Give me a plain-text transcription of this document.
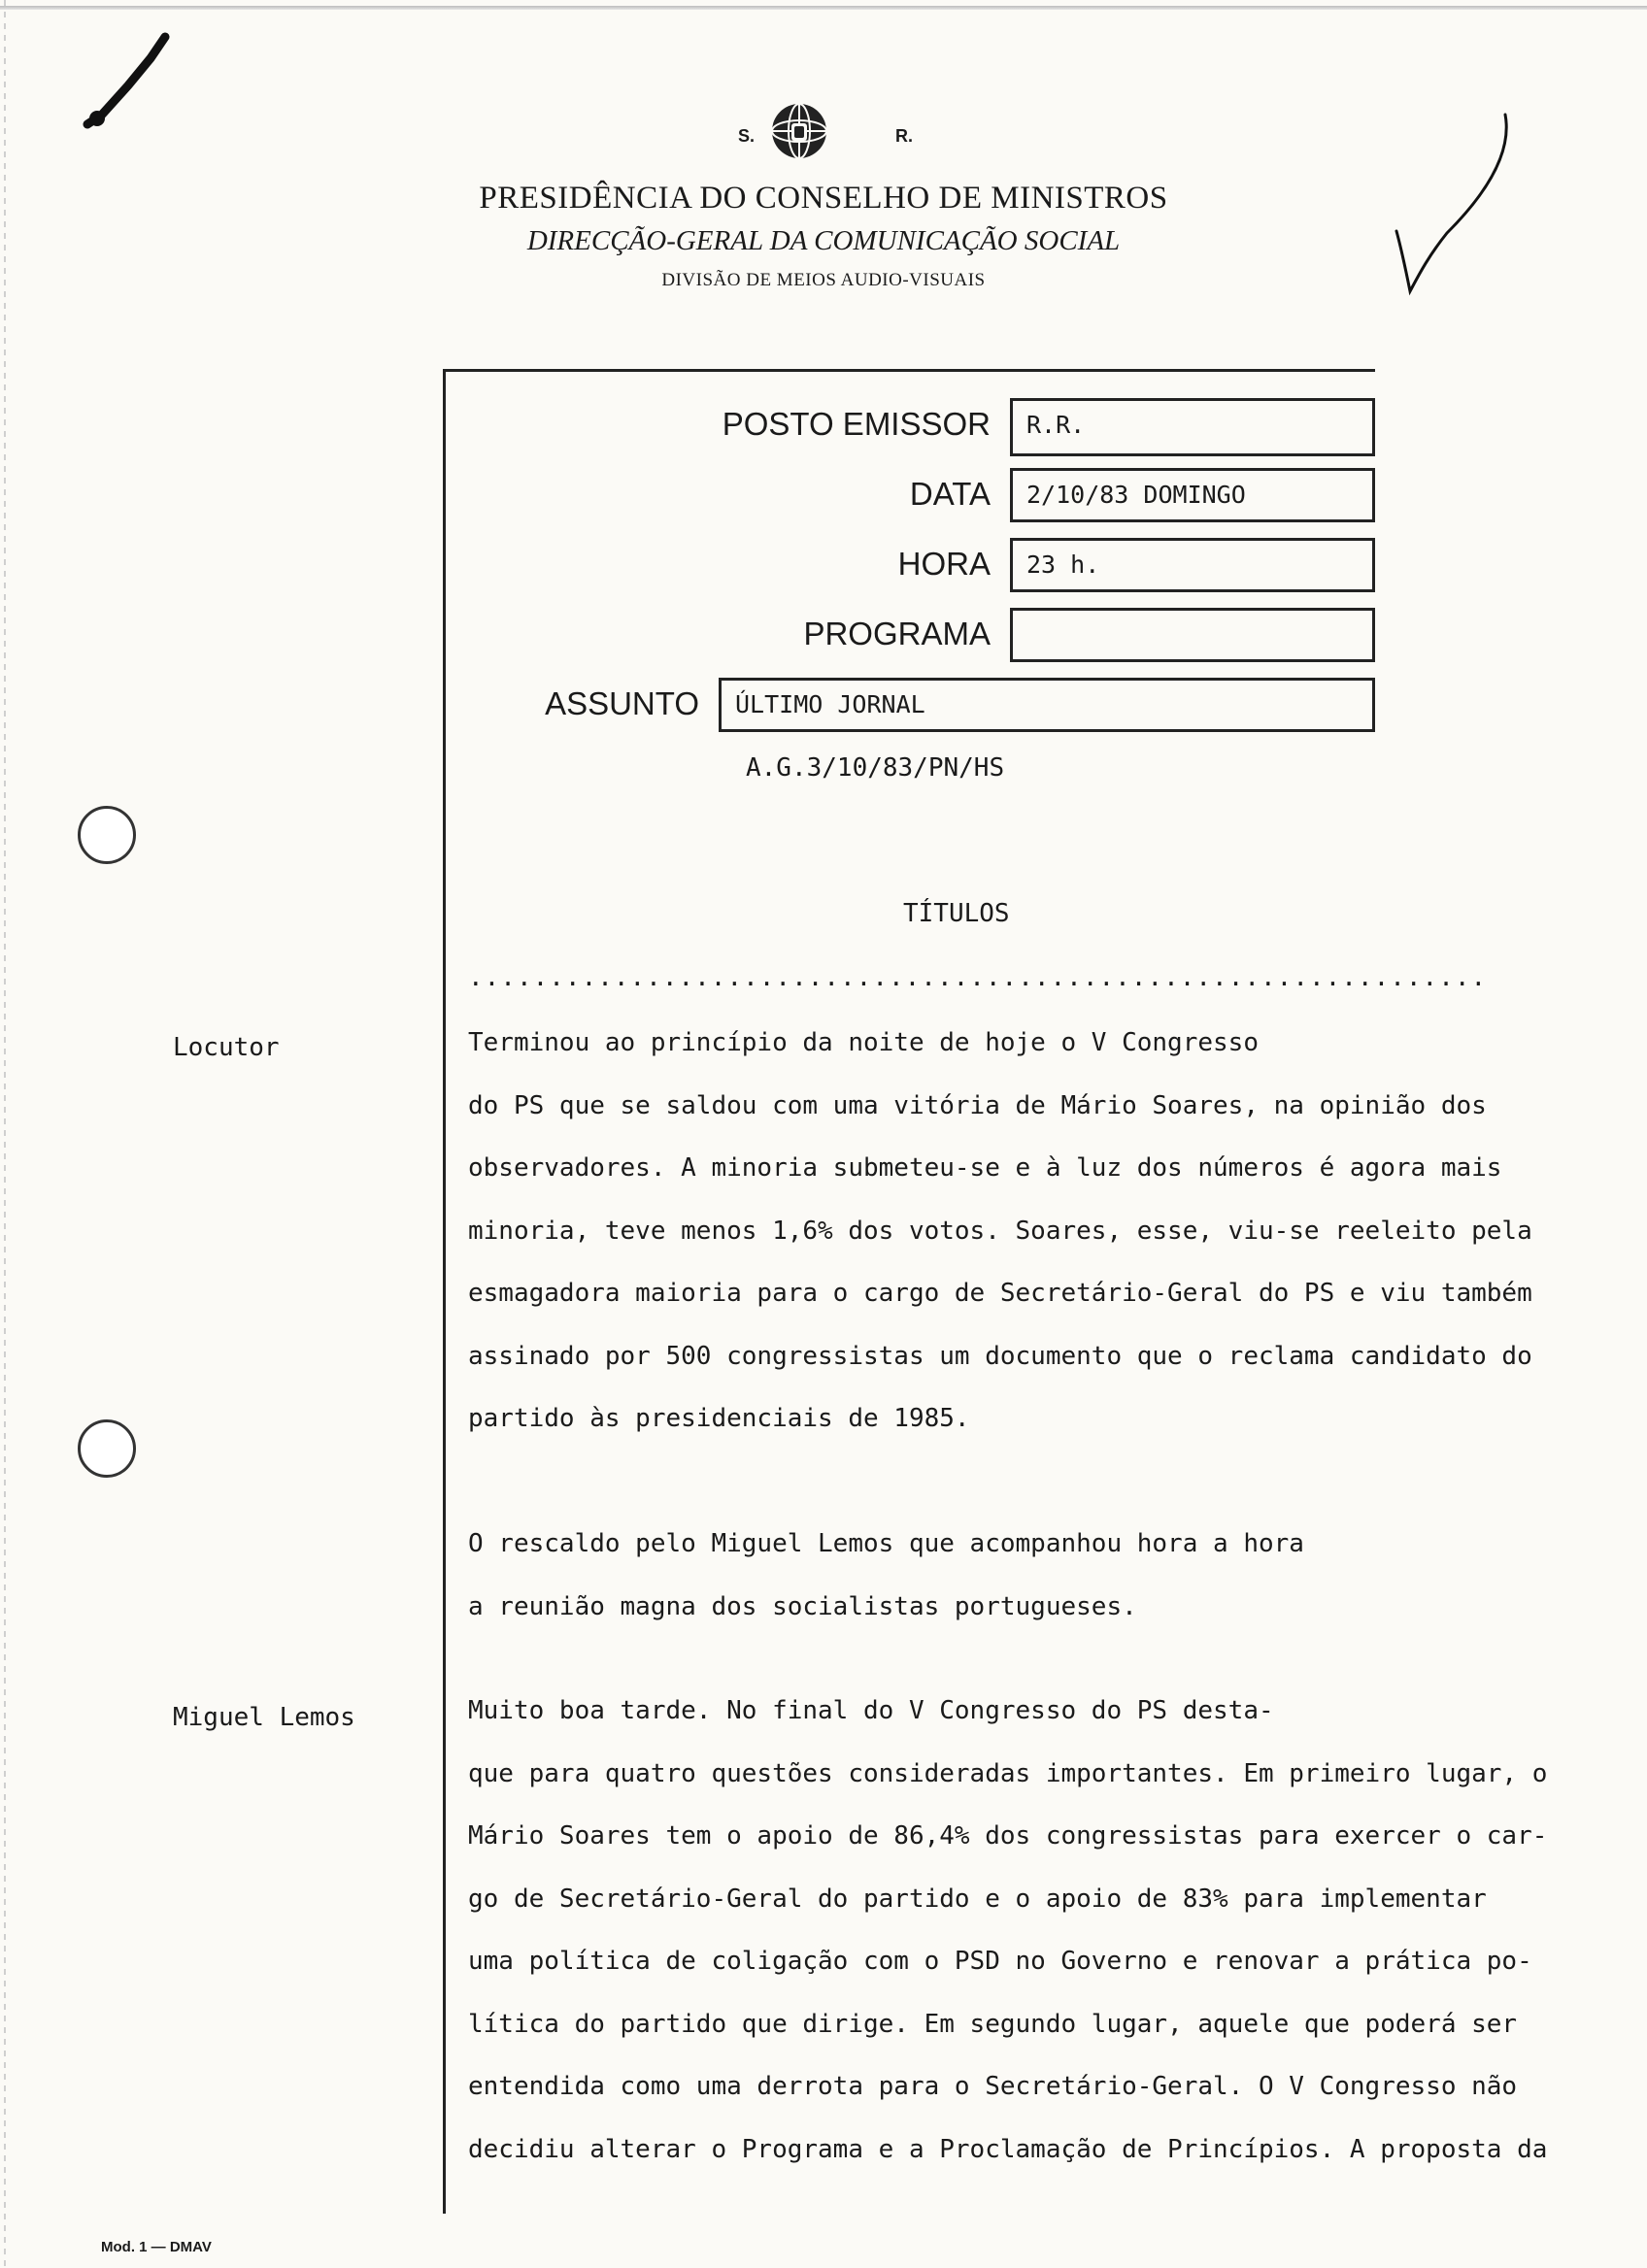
S.	R.
PRESIDÊNCIA DO CONSELHO DE MINISTROS
DIRECÇÃO-GERAL DA COMUNICAÇÃO SOCIAL
DIVISÃO DE MEIOS AUDIO-VISUAIS
POSTO EMISSOR R.R.
DATA 2/10/83 DOMINGO
HORA 23 h.
PROGRAMA
ASSUNTO ÚLTIMO JORNAL
A.G.3/10/83/PN/HS
TÍTULOS
...............................................................
Locutor	Terminou ao princípio da noite de hoje o V Congresso
do PS que se saldou com uma vitória de Mário Soares, na opinião dos
observadores. A minoria submeteu-se e à luz dos números é agora mais
minoria, teve menos 1,6% dos votos. Soares, esse, viu-se reeleito pela
esmagadora maioria para o cargo de Secretário-Geral do PS e viu também
assinado por 500 congressistas um documento que o reclama candidato do
partido às presidenciais de 1985.
O rescaldo pelo Miguel Lemos que acompanhou hora a hora
a reunião magna dos socialistas portugueses.
Miguel Lemos	Muito boa tarde. No final do V Congresso do PS desta-
que para quatro questões consideradas importantes. Em primeiro lugar, o
Mário Soares tem o apoio de 86,4% dos congressistas para exercer o car-
go de Secretário-Geral do partido e o apoio de 83% para implementar
uma política de coligação com o PSD no Governo e renovar a prática po-
lítica do partido que dirige. Em segundo lugar, aquele que poderá ser
entendida como uma derrota para o Secretário-Geral. O V Congresso não
decidiu alterar o Programa e a Proclamação de Princípios. A proposta da
Mod. 1 — DMAV
